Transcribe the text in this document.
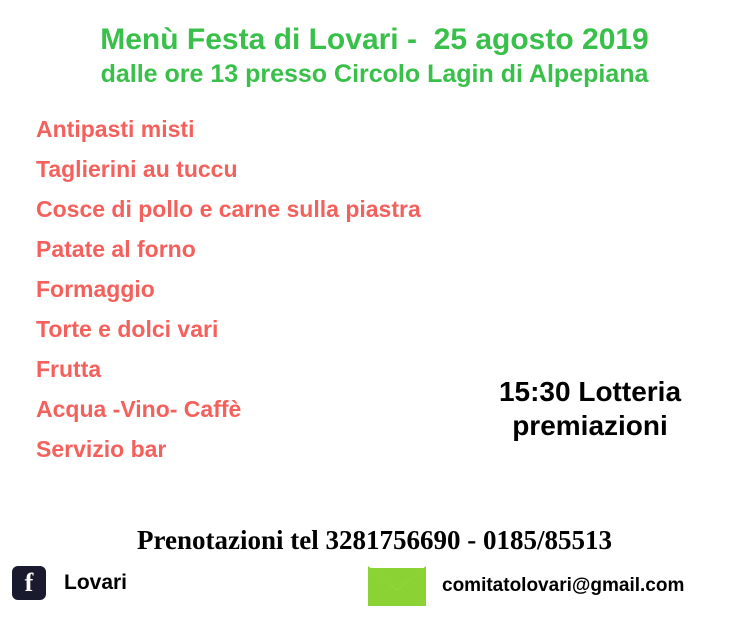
Menù Festa di Lovari -  25 agosto 2019
dalle ore 13 presso Circolo Lagin di Alpepiana
Antipasti misti
Taglierini au tuccu
Cosce di pollo e carne sulla piastra
Patate al forno
Formaggio
Torte e dolci vari
Frutta
Acqua -Vino- Caffè
Servizio bar
15:30 Lotteria
premiazioni
Prenotazioni tel 3281756690 - 0185/85513
f	Lovari	comitatolovari@gmail.com
